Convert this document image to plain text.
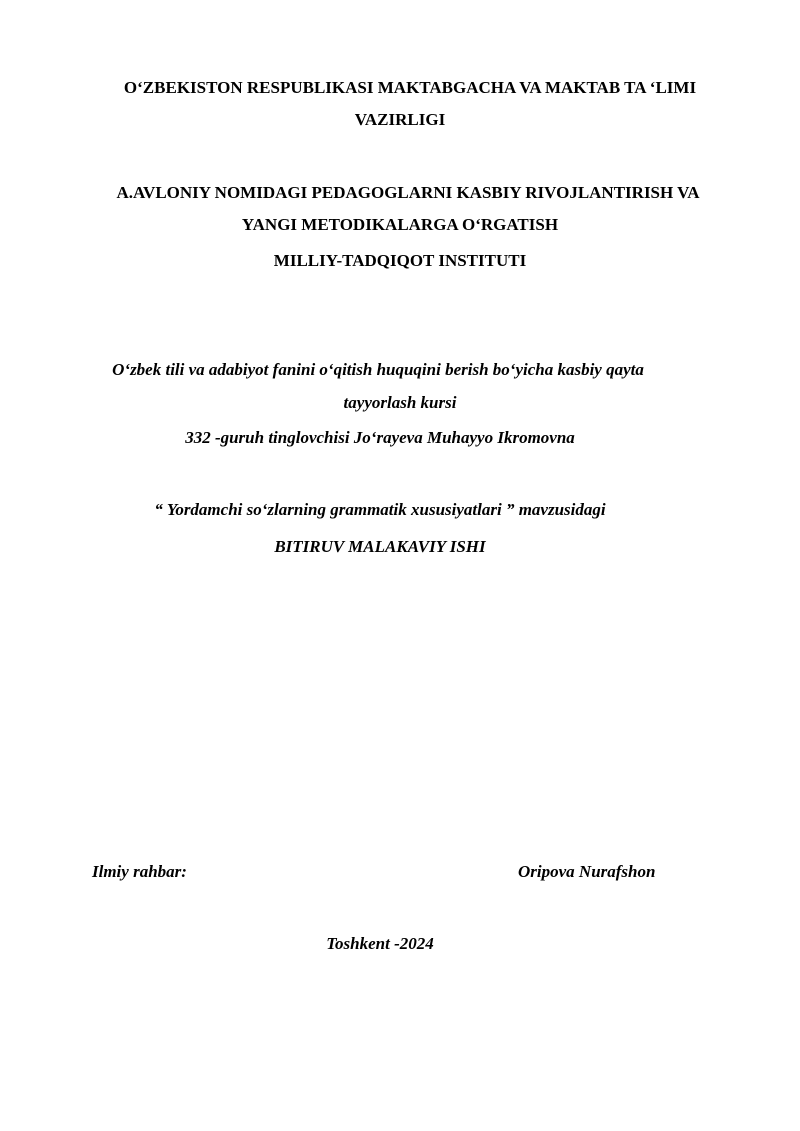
O‘ZBEKISTON RESPUBLIKASI MAKTABGACHA VA MAKTAB TA ‘LIMI
VAZIRLIGI
A.AVLONIY NOMIDAGI PEDAGOGLARNI KASBIY RIVOJLANTIRISH VA
YANGI METODIKALARGA O‘RGATISH
MILLIY-TADQIQOT INSTITUTI
O‘zbek tili va adabiyot fanini o‘qitish huquqini berish bo‘yicha kasbiy qayta
tayyorlash kursi
332 -guruh tinglovchisi Jo‘rayeva Muhayyo Ikromovna
“ Yordamchi so‘zlarning grammatik xususiyatlari ” mavzusidagi
BITIRUV MALAKAVIY ISHI
Ilmiy rahbar:	Oripova Nurafshon
Toshkent -2024
